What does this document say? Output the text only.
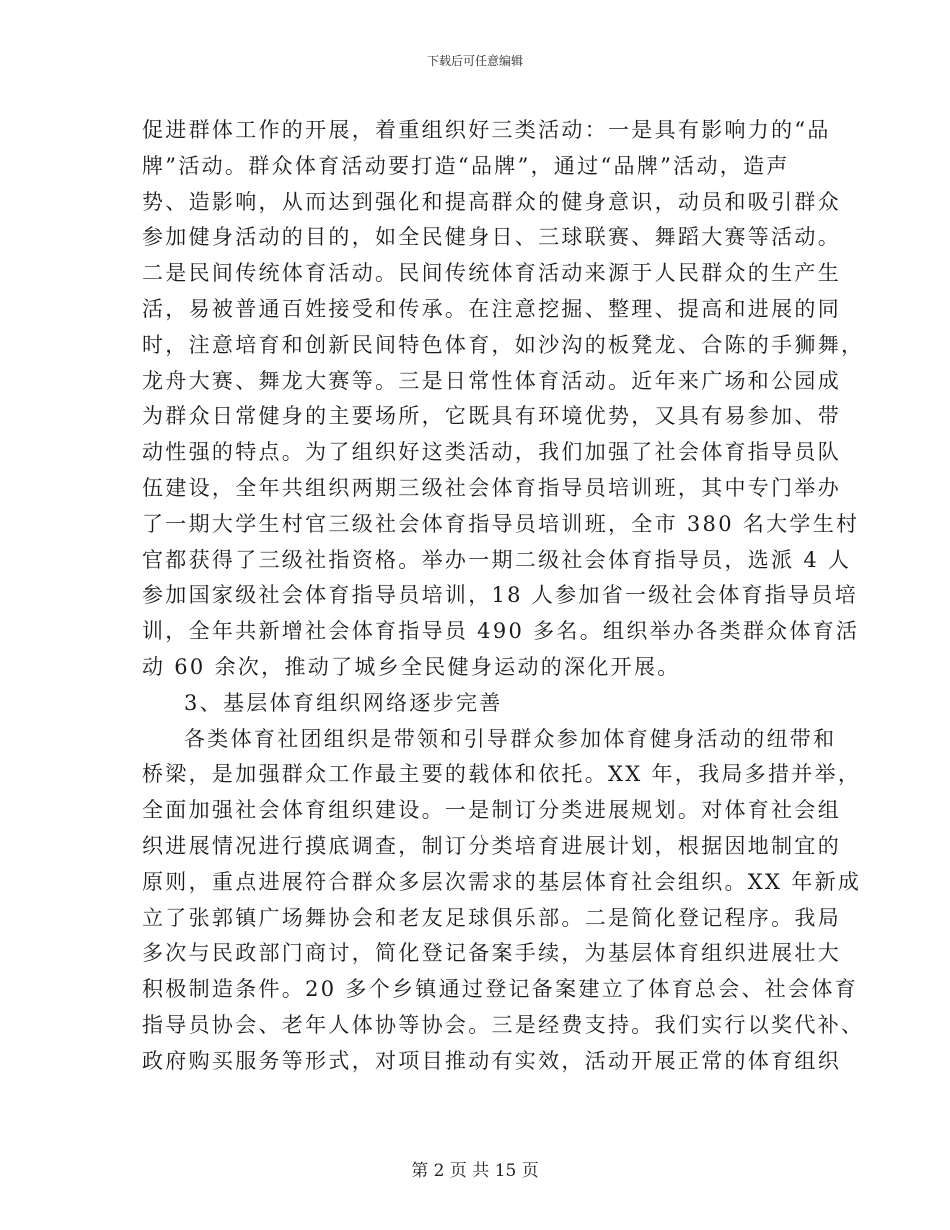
下载后可任意编辑
促进群体工作的开展，着重组织好三类活动：一是具有影响力的“品
牌”活动。群众体育活动要打造“品牌”，通过“品牌”活动，造声
势、造影响，从而达到强化和提高群众的健身意识，动员和吸引群众
参加健身活动的目的，如全民健身日、三球联赛、舞蹈大赛等活动。
二是民间传统体育活动。民间传统体育活动来源于人民群众的生产生
活，易被普通百姓接受和传承。在注意挖掘、整理、提高和进展的同
时，注意培育和创新民间特色体育，如沙沟的板凳龙、合陈的手狮舞，
龙舟大赛、舞龙大赛等。三是日常性体育活动。近年来广场和公园成
为群众日常健身的主要场所，它既具有环境优势，又具有易参加、带
动性强的特点。为了组织好这类活动，我们加强了社会体育指导员队
伍建设，全年共组织两期三级社会体育指导员培训班，其中专门举办
了一期大学生村官三级社会体育指导员培训班，全市 380 名大学生村
官都获得了三级社指资格。举办一期二级社会体育指导员，选派 4 人
参加国家级社会体育指导员培训，18 人参加省一级社会体育指导员培
训，全年共新增社会体育指导员 490 多名。组织举办各类群众体育活
动 60 余次，推动了城乡全民健身运动的深化开展。
3、基层体育组织网络逐步完善
各类体育社团组织是带领和引导群众参加体育健身活动的纽带和
桥梁，是加强群众工作最主要的载体和依托。XX 年，我局多措并举，
全面加强社会体育组织建设。一是制订分类进展规划。对体育社会组
织进展情况进行摸底调查，制订分类培育进展计划，根据因地制宜的
原则，重点进展符合群众多层次需求的基层体育社会组织。XX 年新成
立了张郭镇广场舞协会和老友足球俱乐部。二是简化登记程序。我局
多次与民政部门商讨，简化登记备案手续，为基层体育组织进展壮大
积极制造条件。20 多个乡镇通过登记备案建立了体育总会、社会体育
指导员协会、老年人体协等协会。三是经费支持。我们实行以奖代补、
政府购买服务等形式，对项目推动有实效，活动开展正常的体育组织
第 2 页 共 15 页
